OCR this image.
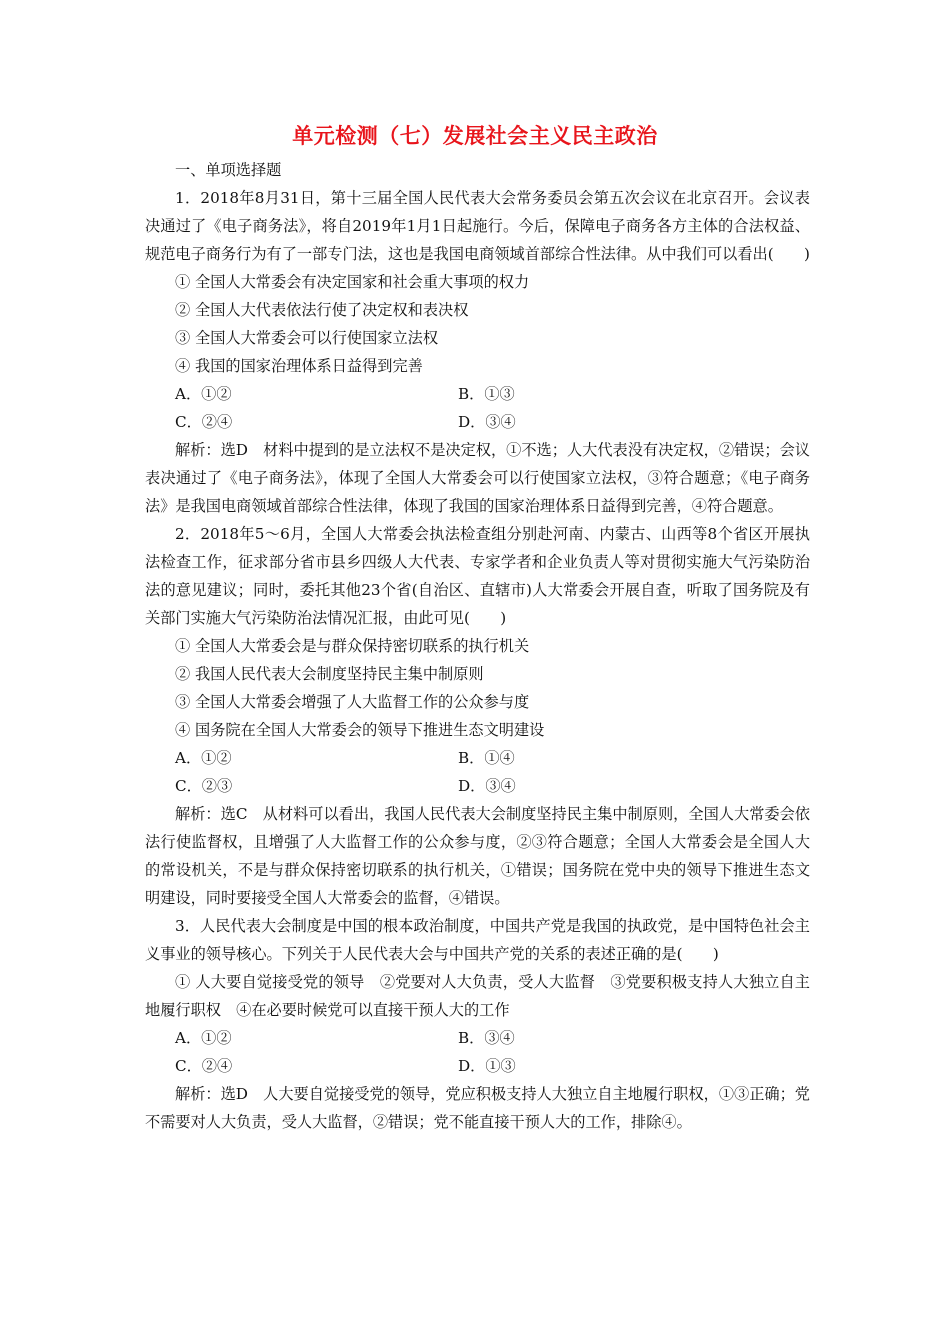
单元检测（七）发展社会主义民主政治
一、单项选择题
1．2018年8月31日，第十三届全国人民代表大会常务委员会第五次会议在北京召开。会议表决通过了《电子商务法》，将自2019年1月1日起施行。今后，保障电子商务各方主体的合法权益、规范电子商务行为有了一部专门法，这也是我国电商领域首部综合性法律。从中我们可以看出(　　)
① 全国人大常委会有决定国家和社会重大事项的权力
② 全国人大代表依法行使了决定权和表决权
③ 全国人大常委会可以行使国家立法权
④ 我国的国家治理体系日益得到完善
A．①②	B．①③
C．②④	D．③④
解析：选D　材料中提到的是立法权不是决定权，①不选；人大代表没有决定权，②错误；会议表决通过了《电子商务法》，体现了全国人大常委会可以行使国家立法权，③符合题意；《电子商务法》是我国电商领域首部综合性法律，体现了我国的国家治理体系日益得到完善，④符合题意。
2．2018年5～6月，全国人大常委会执法检查组分别赴河南、内蒙古、山西等8个省区开展执法检查工作，征求部分省市县乡四级人大代表、专家学者和企业负责人等对贯彻实施大气污染防治法的意见建议；同时，委托其他23个省(自治区、直辖市)人大常委会开展自查，听取了国务院及有关部门实施大气污染防治法情况汇报，由此可见(　　)
① 全国人大常委会是与群众保持密切联系的执行机关
② 我国人民代表大会制度坚持民主集中制原则
③ 全国人大常委会增强了人大监督工作的公众参与度
④ 国务院在全国人大常委会的领导下推进生态文明建设
A．①②	B．①④
C．②③	D．③④
解析：选C　从材料可以看出，我国人民代表大会制度坚持民主集中制原则，全国人大常委会依法行使监督权，且增强了人大监督工作的公众参与度，②③符合题意；全国人大常委会是全国人大的常设机关，不是与群众保持密切联系的执行机关，①错误；国务院在党中央的领导下推进生态文明建设，同时要接受全国人大常委会的监督，④错误。
3．人民代表大会制度是中国的根本政治制度，中国共产党是我国的执政党，是中国特色社会主义事业的领导核心。下列关于人民代表大会与中国共产党的关系的表述正确的是(　　)
① 人大要自觉接受党的领导　②党要对人大负责，受人大监督　③党要积极支持人大独立自主地履行职权　④在必要时候党可以直接干预人大的工作
A．①②	B．③④
C．②④	D．①③
解析：选D　人大要自觉接受党的领导，党应积极支持人大独立自主地履行职权，①③正确；党不需要对人大负责，受人大监督，②错误；党不能直接干预人大的工作，排除④。
